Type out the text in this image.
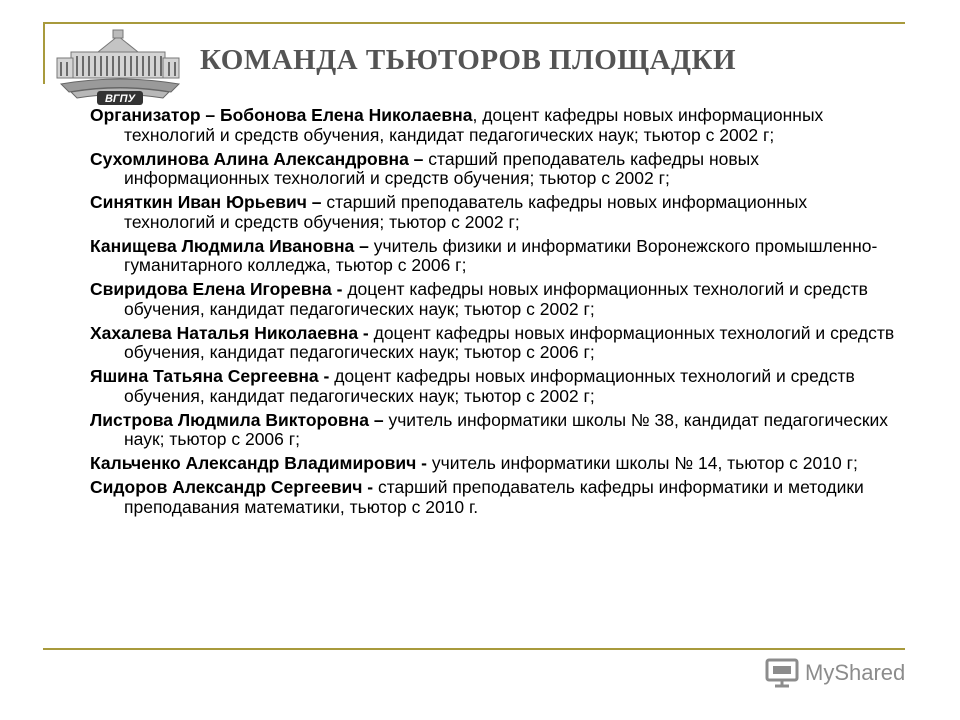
ВГПУ
КОМАНДА ТЬЮТОРОВ ПЛОЩАДКИ
Организатор – Бобонова Елена Николаевна, доцент кафедры новых информационных технологий и средств обучения, кандидат педагогических наук; тьютор с 2002 г;
Сухомлинова Алина Александровна – старший преподаватель кафедры новых информационных технологий и средств обучения; тьютор с 2002 г;
Синяткин Иван Юрьевич – старший преподаватель кафедры новых информационных технологий и средств обучения; тьютор с 2002 г;
Канищева Людмила Ивановна – учитель физики и информатики Воронежского промышленно-гуманитарного колледжа, тьютор с 2006 г;
Свиридова Елена Игоревна - доцент кафедры новых информационных технологий и средств обучения, кандидат педагогических наук; тьютор с 2002 г;
Хахалева Наталья Николаевна - доцент кафедры новых информационных технологий и средств обучения, кандидат педагогических наук; тьютор с 2006 г;
Яшина Татьяна Сергеевна - доцент кафедры новых информационных технологий и средств обучения, кандидат педагогических наук; тьютор с 2002 г;
Листрова Людмила Викторовна – учитель информатики школы № 38, кандидат педагогических наук; тьютор с 2006 г;
Кальченко Александр Владимирович - учитель информатики школы № 14, тьютор с 2010 г;
Сидоров Александр Сергеевич - старший преподаватель кафедры информатики и методики преподавания математики, тьютор с 2010 г.
MyShared
